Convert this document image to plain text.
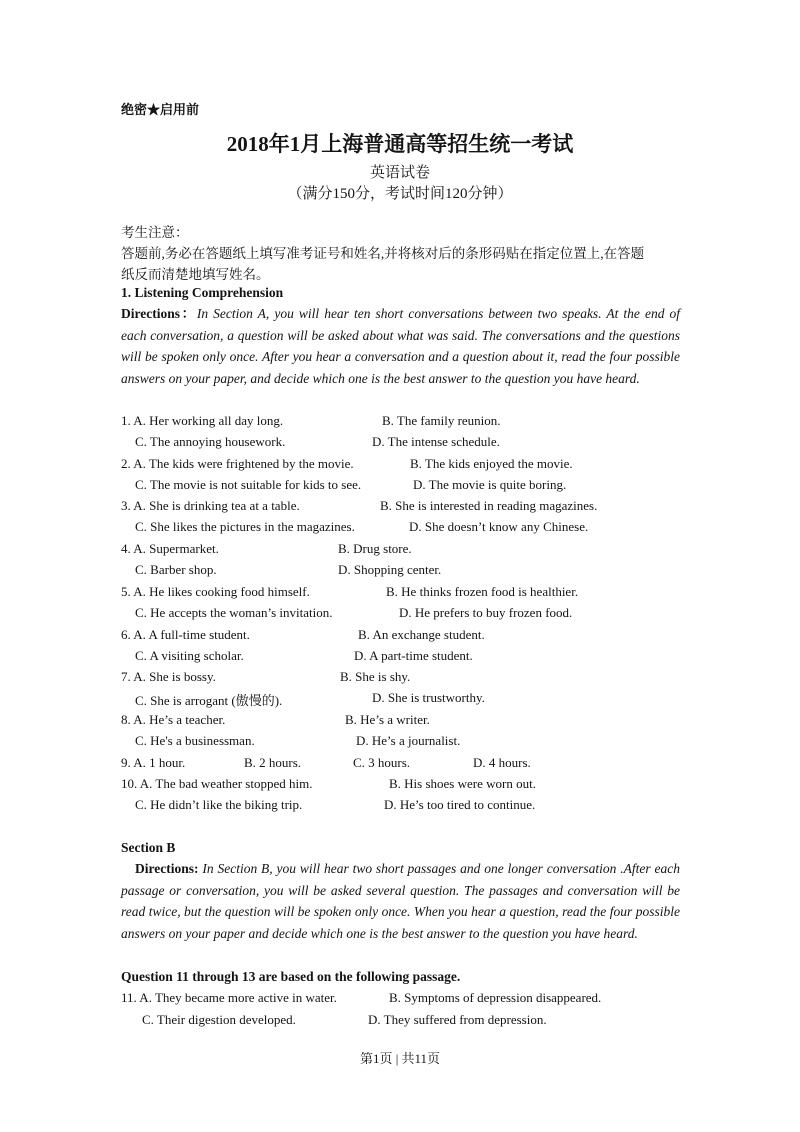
绝密★启用前
2018年1月上海普通高等招生统一考试
英语试卷
（满分150分，考试时间120分钟）
考生注意：
答题前,务必在答题纸上填写准考证号和姓名,并将核对后的条形码贴在指定位置上,在答题
纸反而清楚地填写姓名。
1. Listening Comprehension
Directions：In Section A, you will hear ten short conversations between two speaks. At the end of each conversation, a question will be asked about what was said. The conversations and the questions will be spoken only once. After you hear a conversation and a question about it, read the four possible answers on your paper, and decide which one is the best answer to the question you have heard.
1. A. Her working all day long.	B. The family reunion.
C. The annoying housework.	D. The intense schedule.
2. A. The kids were frightened by the movie.	B. The kids enjoyed the movie.
C. The movie is not suitable for kids to see.	D. The movie is quite boring.
3. A. She is drinking tea at a table.	B. She is interested in reading magazines.
C. She likes the pictures in the magazines.	D. She doesn’t know any Chinese.
4. A. Supermarket.	B. Drug store.
C. Barber shop.	D. Shopping center.
5. A. He likes cooking food himself.	B. He thinks frozen food is healthier.
C. He accepts the woman’s invitation.	D. He prefers to buy frozen food.
6. A. A full-time student.	B. An exchange student.
C. A visiting scholar.	D. A part-time student.
7. A. She is bossy.	B. She is shy.
C. She is arrogant (傲慢的).	D. She is trustworthy.
8. A. He’s a teacher.	B. He’s a writer.
C. He's a businessman.	D. He’s a journalist.
9. A. 1 hour.	B. 2 hours.	C. 3 hours.	D. 4 hours.
10. A. The bad weather stopped him.	B. His shoes were worn out.
C. He didn’t like the biking trip.	D. He’s too tired to continue.
Section B
Directions: In Section B, you will hear two short passages and one longer conversation .After each passage or conversation, you will be asked several question. The passages and conversation will be read twice, but the question will be spoken only once. When you hear a question, read the four possible answers on your paper and decide which one is the best answer to the question you have heard.
Question 11 through 13 are based on the following passage.
11. A. They became more active in water.	B. Symptoms of depression disappeared.
C. Their digestion developed.	D. They suffered from depression.
第1页 | 共11页
